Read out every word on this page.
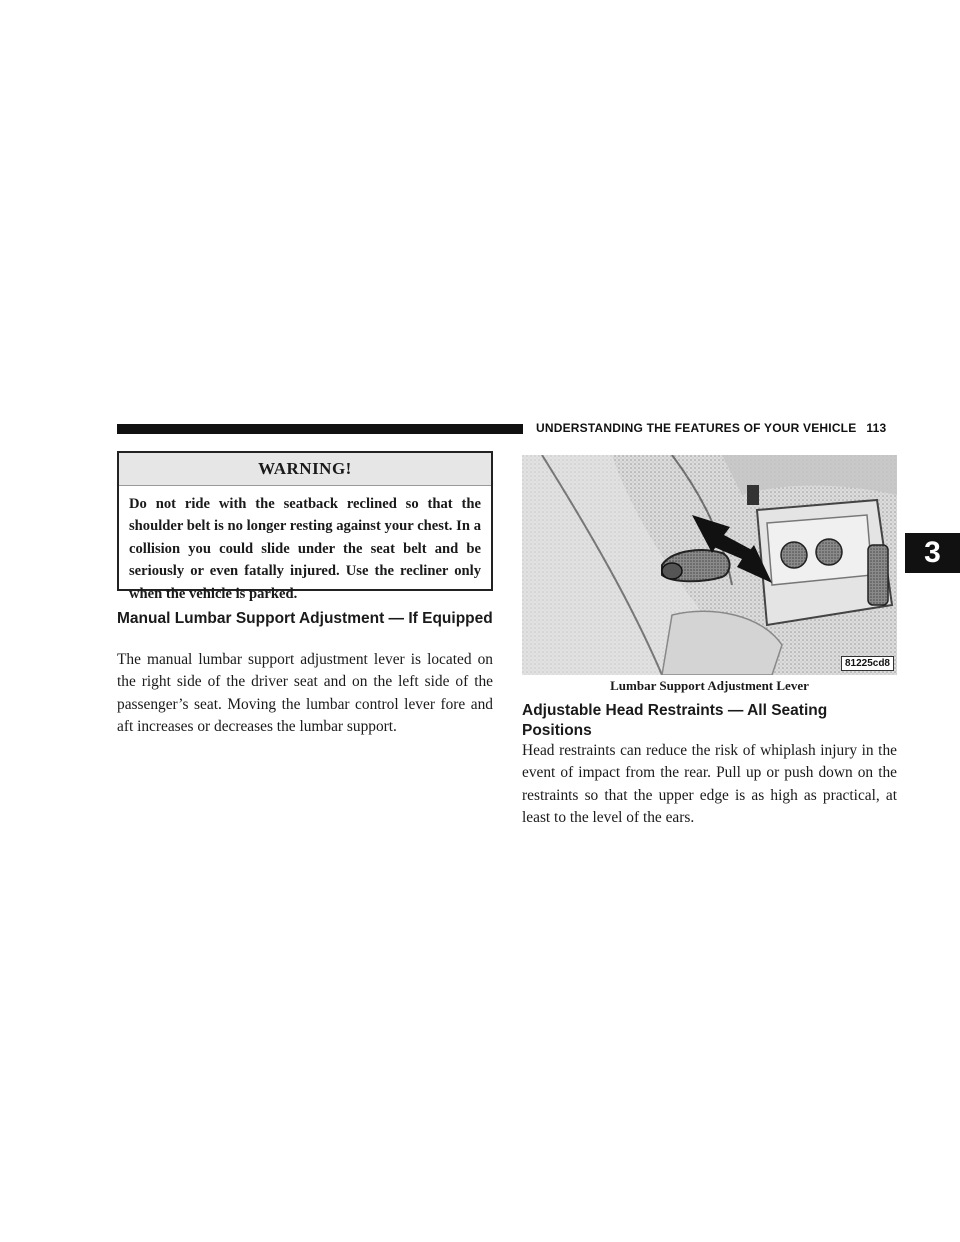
UNDERSTANDING THE FEATURES OF YOUR VEHICLE 113
3
WARNING!
Do not ride with the seatback reclined so that the shoulder belt is no longer resting against your chest. In a collision you could slide under the seat belt and be seriously or even fatally injured. Use the recliner only when the vehicle is parked.
Manual Lumbar Support Adjustment — If Equipped
The manual lumbar support adjustment lever is located on the right side of the driver seat and on the left side of the passenger’s seat. Moving the lumbar control lever fore and aft increases or decreases the lumbar support.
81225cd8
Lumbar Support Adjustment Lever
Adjustable Head Restraints — All Seating Positions
Head restraints can reduce the risk of whiplash injury in the event of impact from the rear. Pull up or push down on the restraints so that the upper edge is as high as practical, at least to the level of the ears.
